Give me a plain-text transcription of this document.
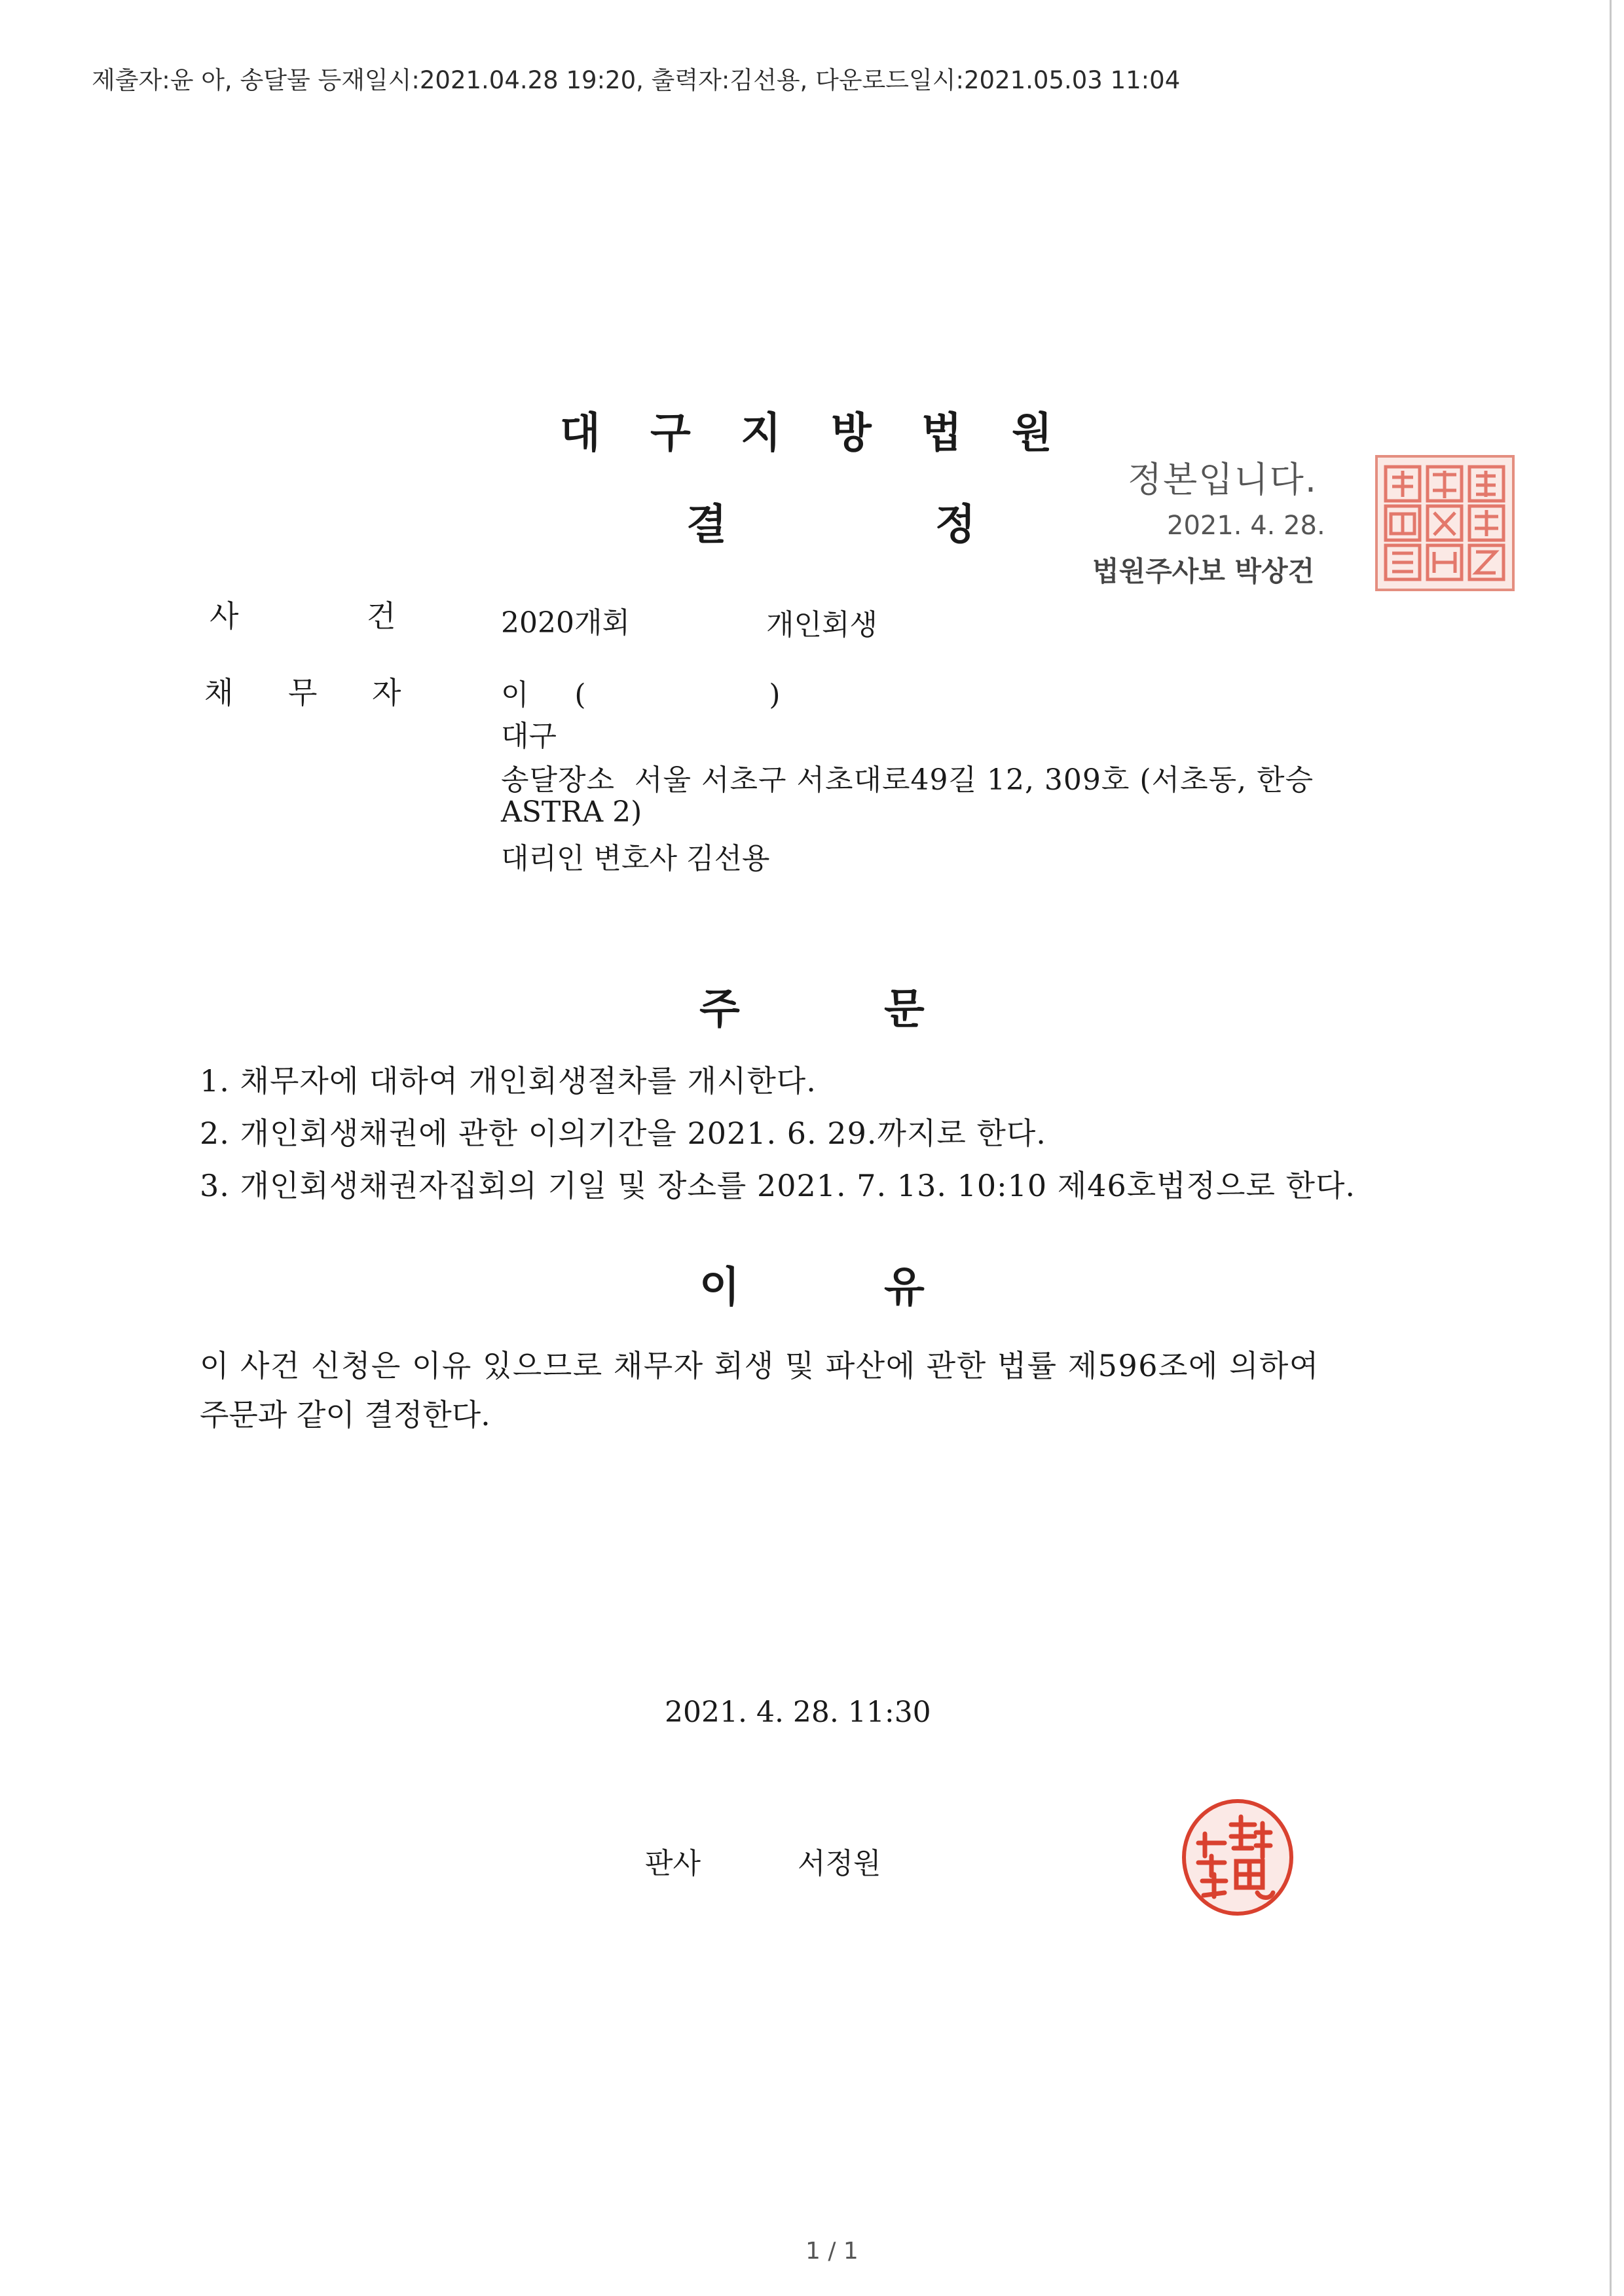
제출자:윤 아, 송달물 등재일시:2021.04.28 19:20, 출력자:김선용, 다운로드일시:2021.05.03 11:04
대 구 지 방 법 원
결	정
정본입니다.
2021. 4. 28.
법원주사보 박상건
사	건	2020개회	개인회생
채 무 자	이     (                    )
대구
송달장소  서울 서초구 서초대로49길 12, 309호 (서초동, 한승
ASTRA 2)
대리인 변호사 김선용
주	문
1. 채무자에 대하여 개인회생절차를 개시한다.
2. 개인회생채권에 관한 이의기간을 2021. 6. 29.까지로 한다.
3. 개인회생채권자집회의 기일 및 장소를 2021. 7. 13. 10:10 제46호법정으로 한다.
이	유
이 사건 신청은 이유 있으므로 채무자 회생 및 파산에 관한 법률 제596조에 의하여
주문과 같이 결정한다.
2021. 4. 28. 11:30
판사	서정원
1 / 1
